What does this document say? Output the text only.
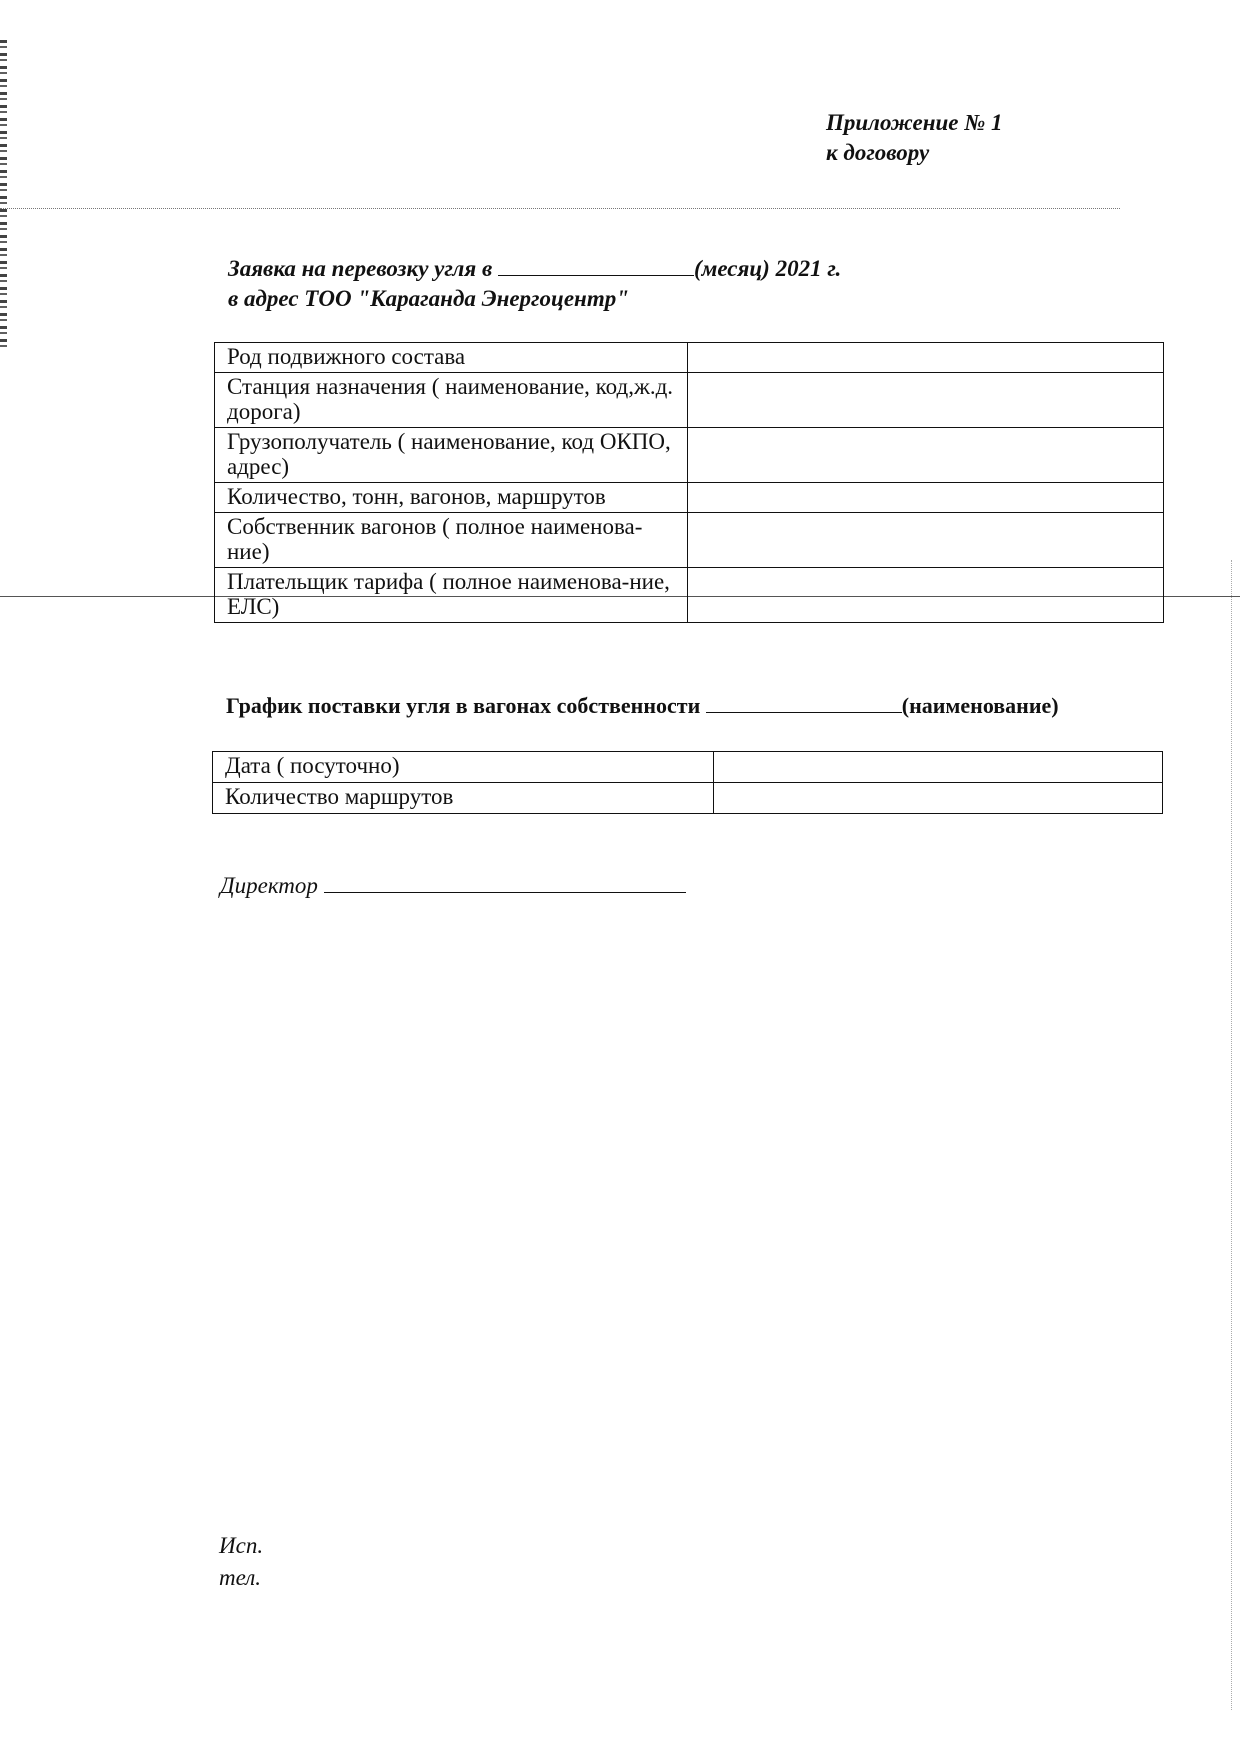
Приложение № 1
к договору
Заявка на перевозку угля в	(месяц) 2021 г.
в адрес ТОО "Караганда Энергоцентр"
Род подвижного состава	
Станция назначения ( наименование, код,ж.д. дорога)	
Грузополучатель ( наименование, код ОКПО, адрес)	
Количество, тонн, вагонов, маршрутов	
Собственник вагонов ( полное наименова-ние)	
Плательщик тарифа ( полное наименова-ние, ЕЛС)	
График поставки угля в вагонах собственности	(наименование)
Дата ( посуточно)	
Количество маршрутов	
Директор
Исп.
тел.
